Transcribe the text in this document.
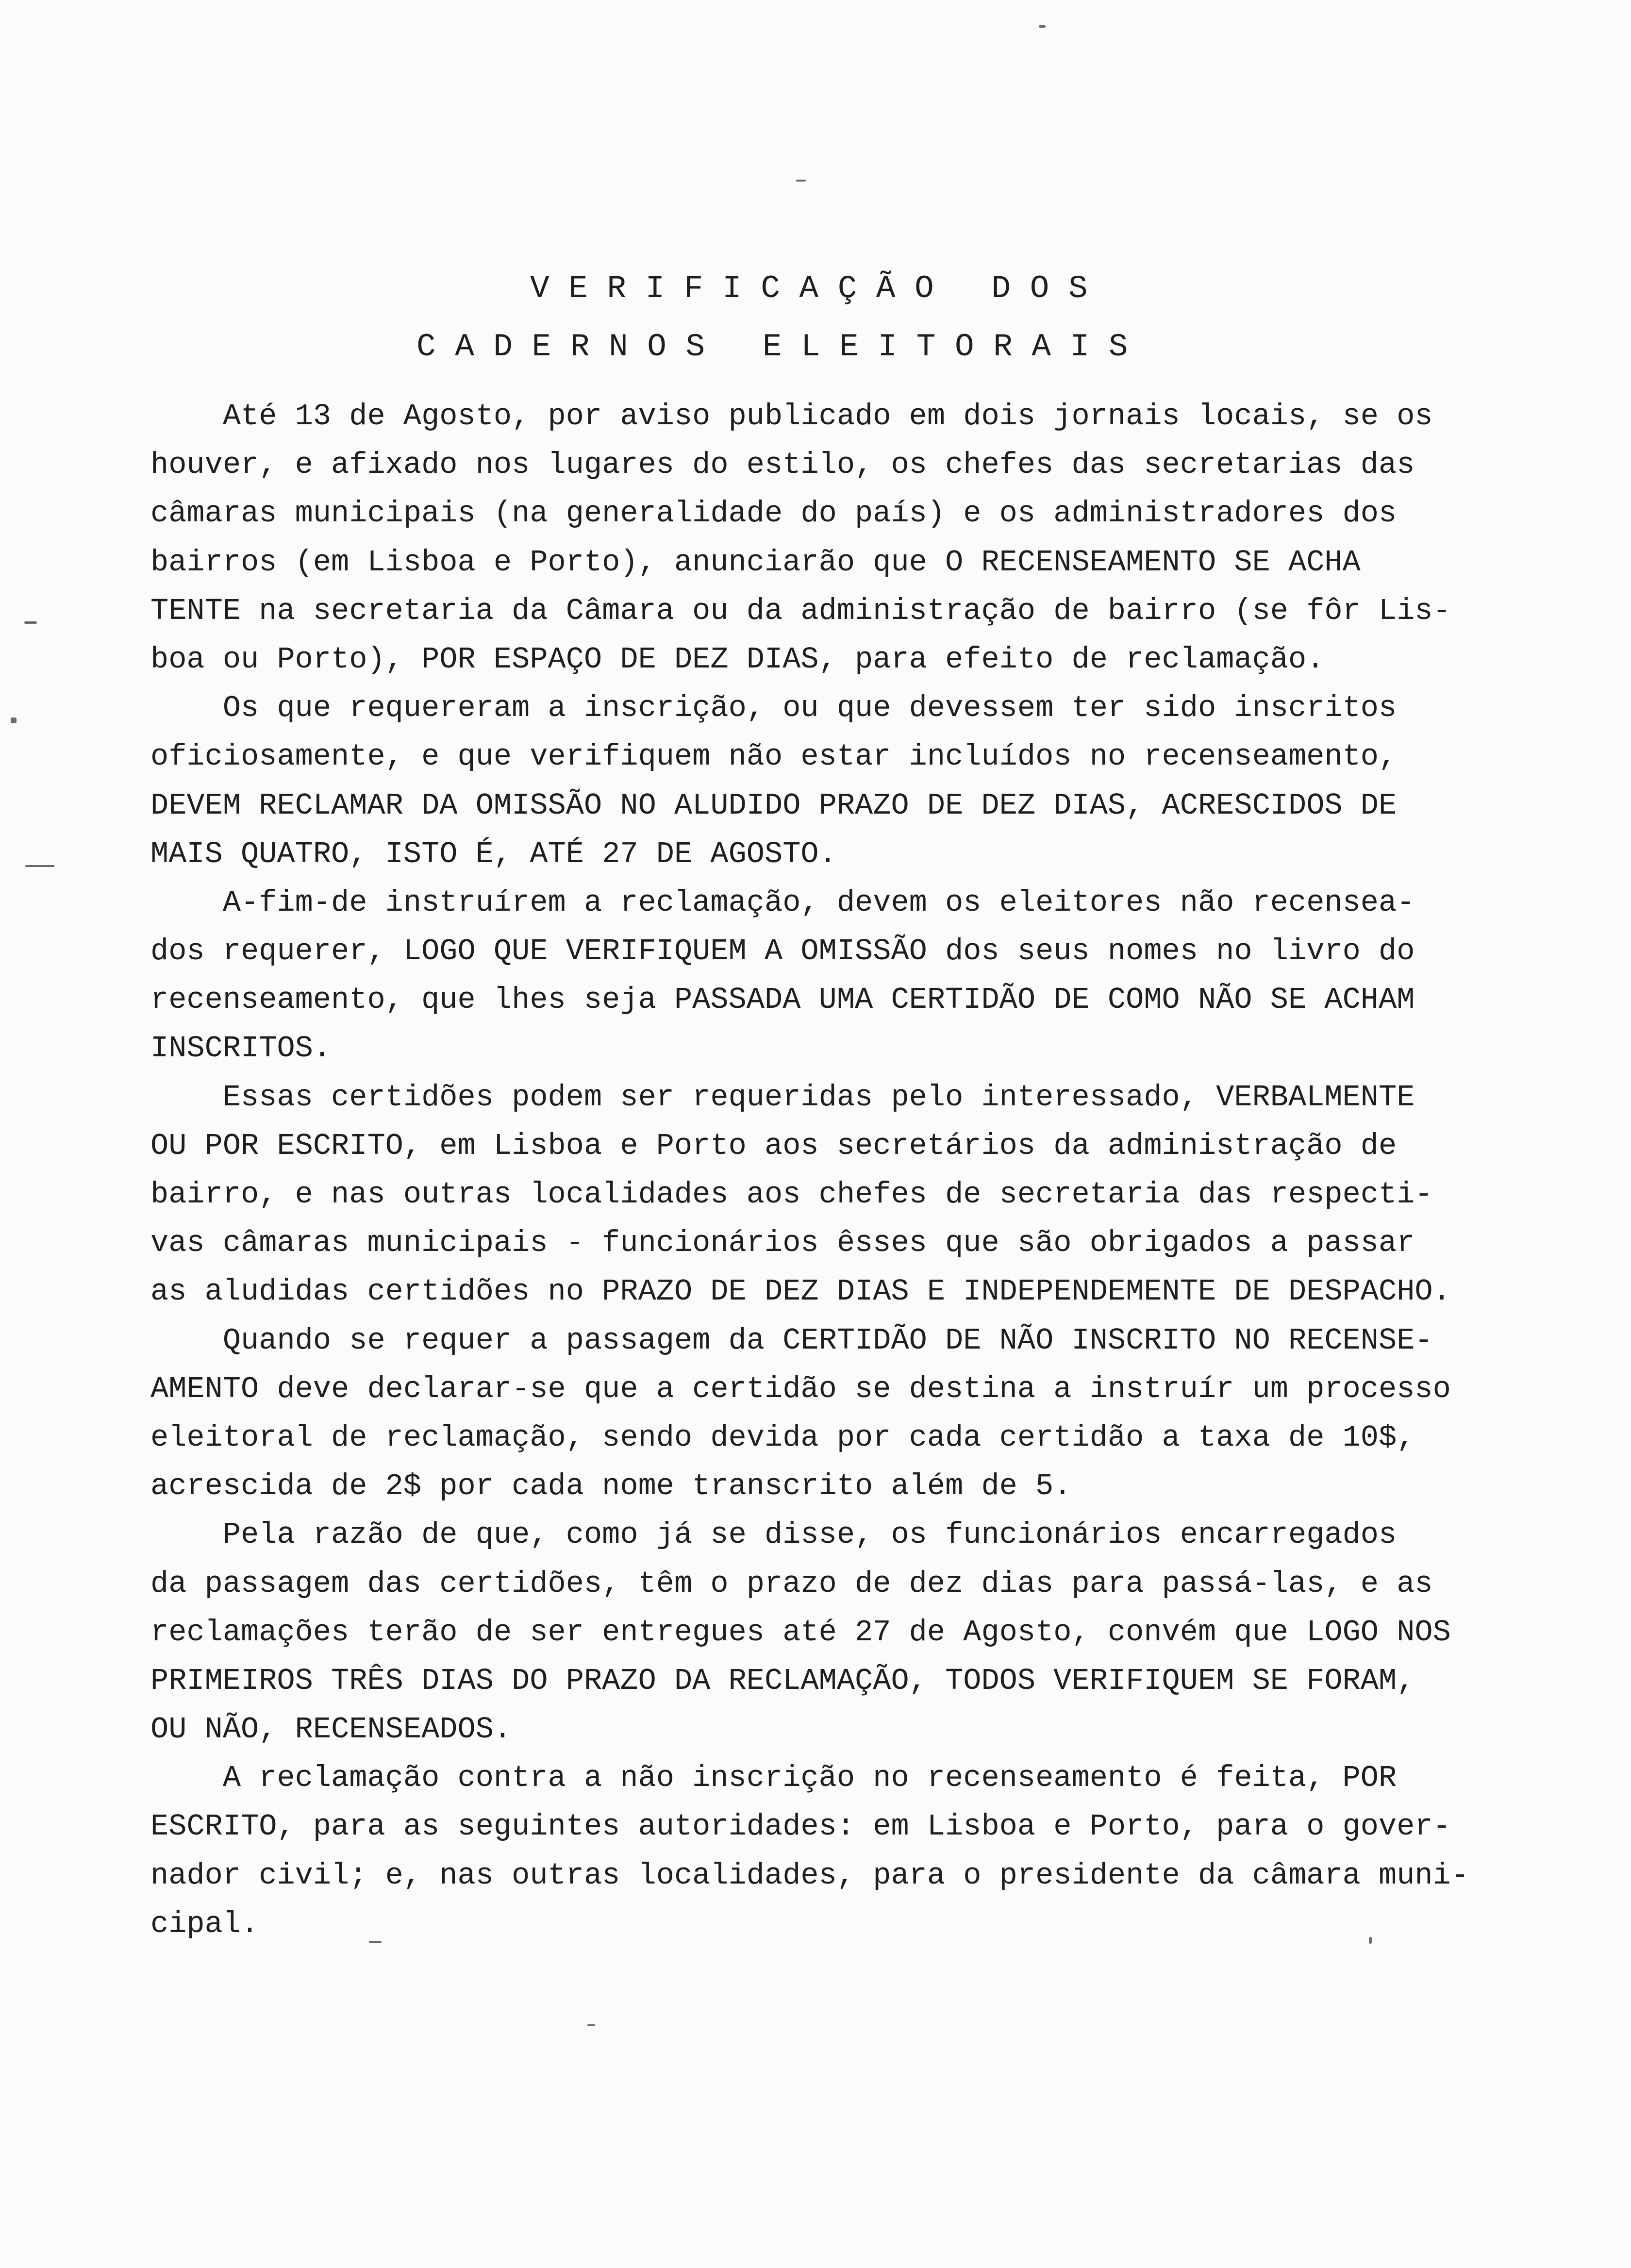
V E R I F I C A Ç Ã O   D O S
C A D E R N O S   E L E I T O R A I S
Até 13 de Agosto, por aviso publicado em dois jornais locais, se os
houver, e afixado nos lugares do estilo, os chefes das secretarias das
câmaras municipais (na generalidade do país) e os administradores dos
bairros (em Lisboa e Porto), anunciarão que O RECENSEAMENTO SE ACHA
TENTE na secretaria da Câmara ou da administração de bairro (se fôr Lis-
boa ou Porto), POR ESPAÇO DE DEZ DIAS, para efeito de reclamação.
Os que requereram a inscrição, ou que devessem ter sido inscritos
oficiosamente, e que verifiquem não estar incluídos no recenseamento,
DEVEM RECLAMAR DA OMISSÃO NO ALUDIDO PRAZO DE DEZ DIAS, ACRESCIDOS DE
MAIS QUATRO, ISTO É, ATÉ 27 DE AGOSTO.
A-fim-de instruírem a reclamação, devem os eleitores não recensea-
dos requerer, LOGO QUE VERIFIQUEM A OMISSÃO dos seus nomes no livro do
recenseamento, que lhes seja PASSADA UMA CERTIDÃO DE COMO NÃO SE ACHAM
INSCRITOS.
Essas certidões podem ser requeridas pelo interessado, VERBALMENTE
OU POR ESCRITO, em Lisboa e Porto aos secretários da administração de
bairro, e nas outras localidades aos chefes de secretaria das respecti-
vas câmaras municipais - funcionários êsses que são obrigados a passar
as aludidas certidões no PRAZO DE DEZ DIAS E INDEPENDEMENTE DE DESPACHO.
Quando se requer a passagem da CERTIDÃO DE NÃO INSCRITO NO RECENSE-
AMENTO deve declarar-se que a certidão se destina a instruír um processo
eleitoral de reclamação, sendo devida por cada certidão a taxa de 10$,
acrescida de 2$ por cada nome transcrito além de 5.
Pela razão de que, como já se disse, os funcionários encarregados
da passagem das certidões, têm o prazo de dez dias para passá-las, e as
reclamações terão de ser entregues até 27 de Agosto, convém que LOGO NOS
PRIMEIROS TRÊS DIAS DO PRAZO DA RECLAMAÇÃO, TODOS VERIFIQUEM SE FORAM,
OU NÃO, RECENSEADOS.
A reclamação contra a não inscrição no recenseamento é feita, POR
ESCRITO, para as seguintes autoridades: em Lisboa e Porto, para o gover-
nador civil; e, nas outras localidades, para o presidente da câmara muni-
cipal.
